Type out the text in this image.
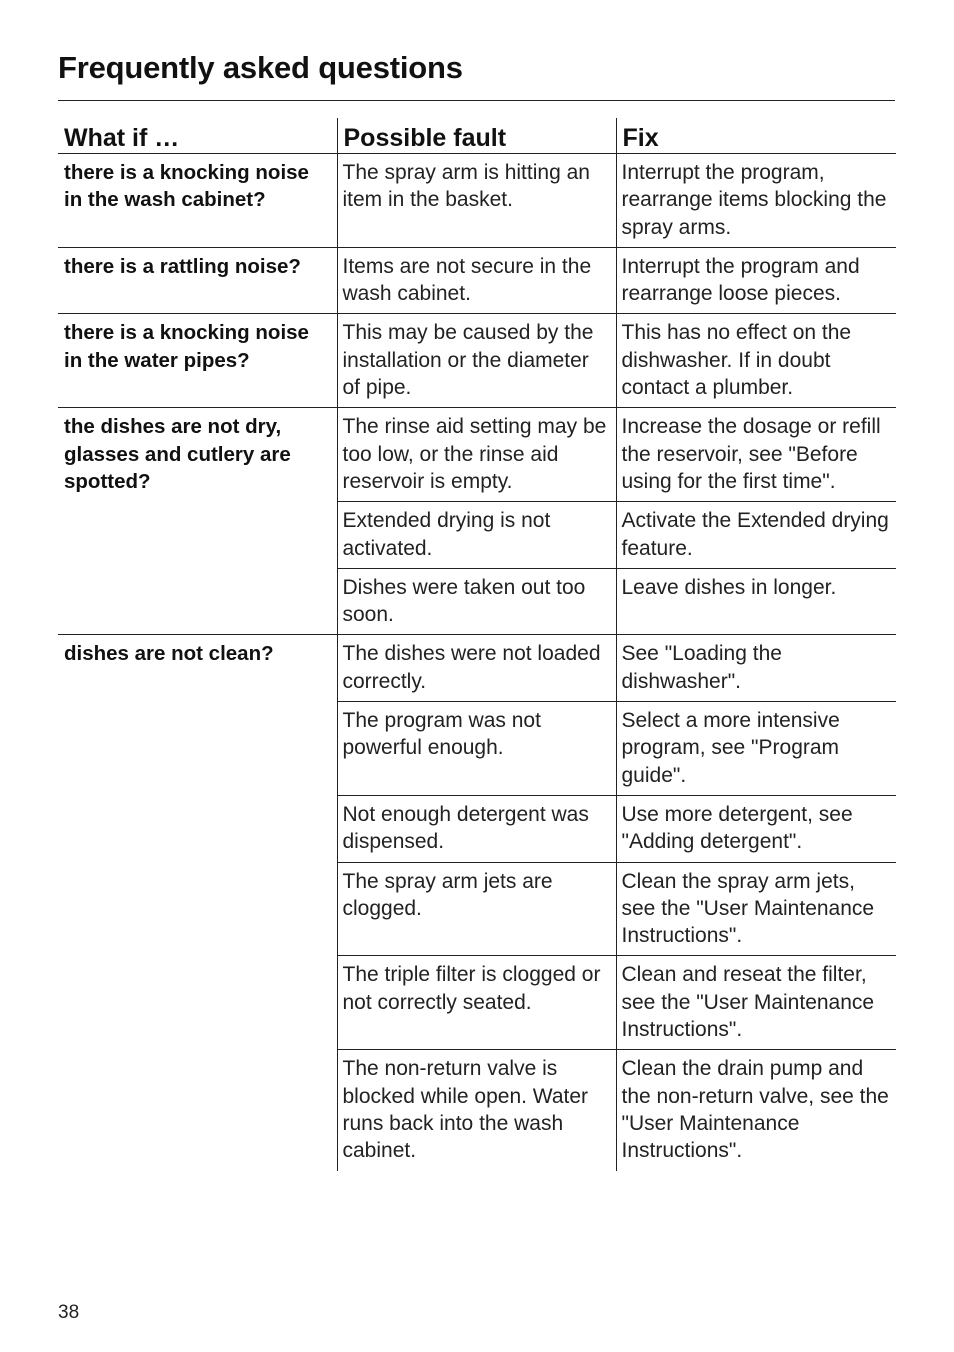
Frequently asked questions
What if …	Possible fault	Fix
there is a knocking noise in the wash cabinet?	The spray arm is hitting an item in the basket.	Interrupt the program, rearrange items blocking the spray arms.
there is a rattling noise?	Items are not secure in the wash cabinet.	Interrupt the program and rearrange loose pieces.
there is a knocking noise in the water pipes?	This may be caused by the installation or the diameter of pipe.	This has no effect on the dishwasher. If in doubt contact a plumber.
the dishes are not dry, glasses and cutlery are spotted?	The rinse aid setting may be too low, or the rinse aid reservoir is empty.	Increase the dosage or refill the reservoir, see "Before using for the first time".
	Extended drying is not activated.	Activate the Extended drying feature.
	Dishes were taken out too soon.	Leave dishes in longer.
dishes are not clean?	The dishes were not loaded correctly.	See "Loading the dishwasher".
	The program was not powerful enough.	Select a more intensive program, see "Program guide".
	Not enough detergent was dispensed.	Use more detergent, see "Adding detergent".
	The spray arm jets are clogged.	Clean the spray arm jets, see the "User Maintenance Instructions".
	The triple filter is clogged or not correctly seated.	Clean and reseat the filter, see the "User Maintenance Instructions".
	The non-return valve is blocked while open. Water runs back into the wash cabinet.	Clean the drain pump and the non-return valve, see the "User Maintenance Instructions".
38
